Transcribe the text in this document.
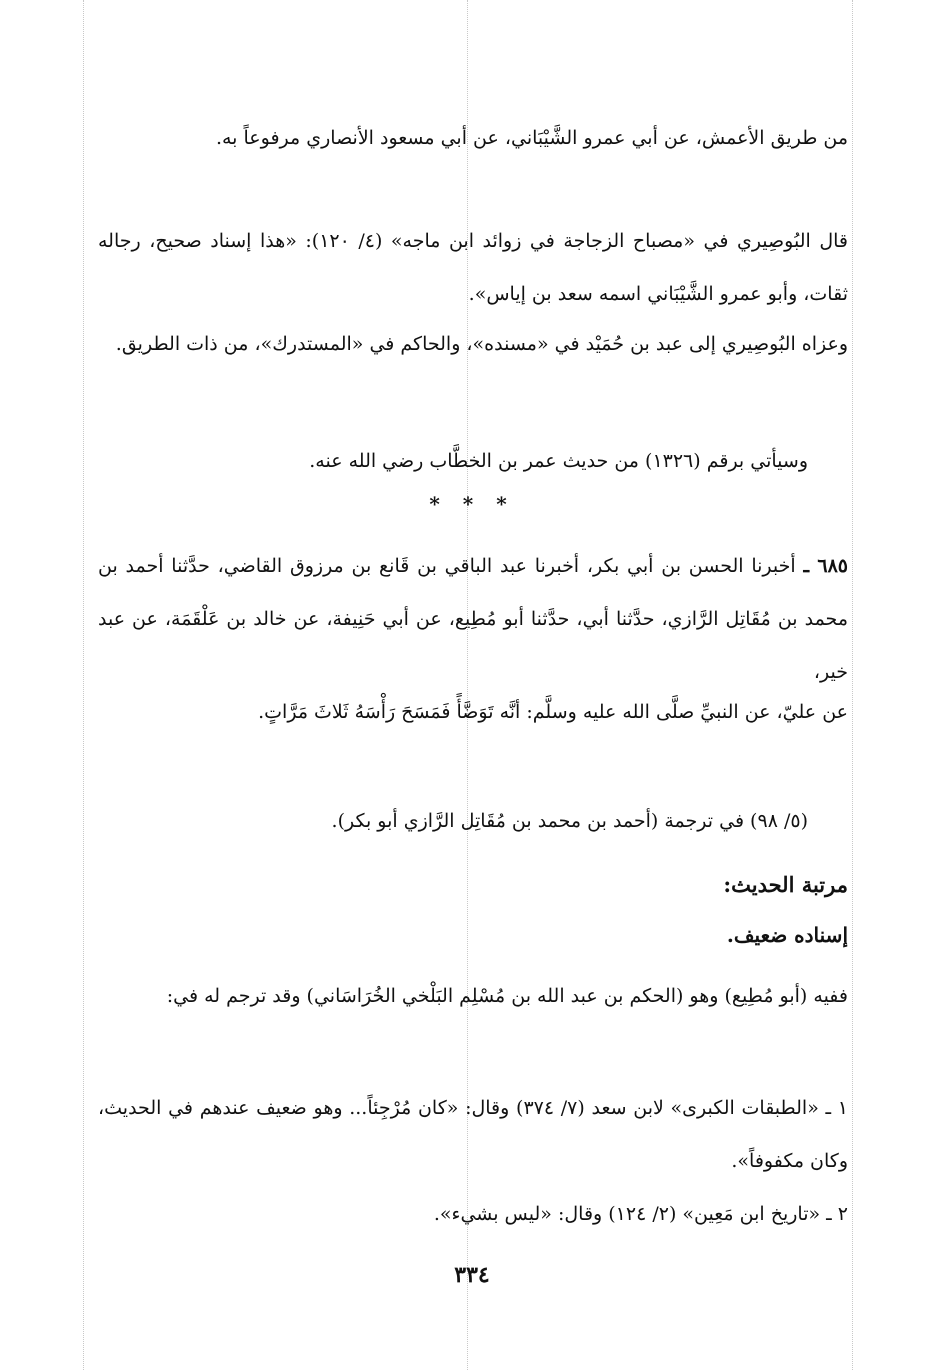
من طريق الأعمش، عن أبي عمرو الشَّيْبَاني، عن أبي مسعود الأنصاري مرفوعاً به.

قال البُوصِيري في «مصباح الزجاجة في زوائد ابن ماجه» (٤/ ١٢٠): «هذا إسناد صحيح، رجاله ثقات، وأبو عمرو الشَّيْبَاني اسمه سعد بن إياس».

وعزاه البُوصِيري إلى عبد بن حُمَيْد في «مسنده»، والحاكم في «المستدرك»، من ذات الطريق.

وسيأتي برقم (١٣٢٦) من حديث عمر بن الخطَّاب رضي الله عنه.

* * *

٦٨٥ ـ أخبرنا الحسن بن أبي بكر، أخبرنا عبد الباقي بن قَانع بن مرزوق القاضي، حدَّثنا أحمد بن محمد بن مُقَاتِل الرَّازي، حدَّثنا أبي، حدَّثنا أبو مُطِيع، عن أبي حَنِيفة، عن خالد بن عَلْقَمَة، عن عبد خير،

عن عليّ، عن النبيِّ صلَّى الله عليه وسلَّم: أنَّه تَوَضَّأً فَمَسَحَ رَأْسَهُ ثَلاثَ مَرَّاتٍ.

(٥/ ٩٨) في ترجمة (أحمد بن محمد بن مُقَاتِل الرَّازي أبو بكر).

مرتبة الحديث:
إسناده ضعيف.

ففيه (أبو مُطِيع) وهو (الحكم بن عبد الله بن مُسْلِم البَلْخي الخُرَاسَاني) وقد ترجم له في:

١ ـ «الطبقات الكبرى» لابن سعد (٧/ ٣٧٤) وقال: «كان مُرْجِئاً... وهو ضعيف عندهم في الحديث، وكان مكفوفاً».

٢ ـ «تاريخ ابن مَعِين» (٢/ ١٢٤) وقال: «ليس بشيء».

٣٣٤
